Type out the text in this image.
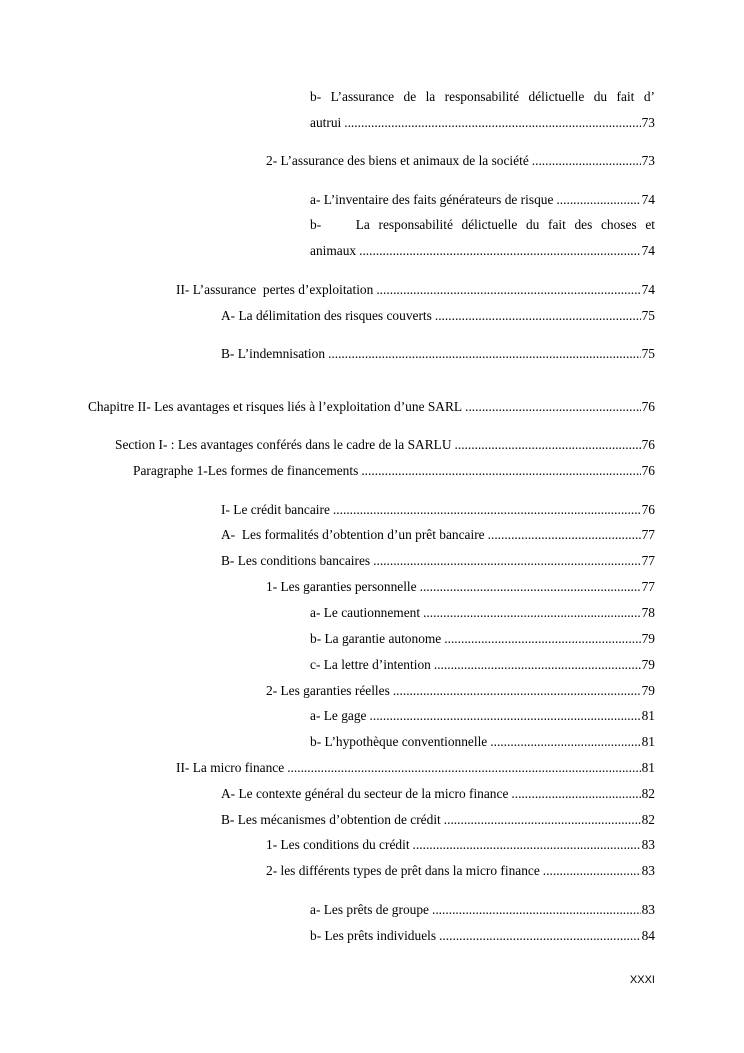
b- L’assurance de la responsabilité délictuelle du fait d’
autrui .....	73
2- L’assurance des biens et animaux de la société .....	73
a- L’inventaire des faits générateurs de risque .....	74
b-    La responsabilité délictuelle du fait des choses et
animaux .....	74
II- L’assurance  pertes d’exploitation .....	74
A- La délimitation des risques couverts .....	75
B- L’indemnisation .....	75
Chapitre II- Les avantages et risques liés à l’exploitation d’une SARL .....	76
Section I- : Les avantages conférés dans le cadre de la SARLU .....	76
Paragraphe 1-Les formes de financements .....	76
I- Le crédit bancaire .....	76
A-  Les formalités d’obtention d’un prêt bancaire .....	77
B- Les conditions bancaires .....	77
1- Les garanties personnelle .....	77
a- Le cautionnement .....	78
b- La garantie autonome .....	79
c- La lettre d’intention .....	79
2- Les garanties réelles .....	79
a- Le gage .....	81
b- L’hypothèque conventionnelle .....	81
II- La micro finance .....	81
A- Le contexte général du secteur de la micro finance .....	82
B- Les mécanismes d’obtention de crédit .....	82
1- Les conditions du crédit .....	83
2- les différents types de prêt dans la micro finance .....	83
a- Les prêts de groupe .....	83
b- Les prêts individuels .....	84
XXXI
